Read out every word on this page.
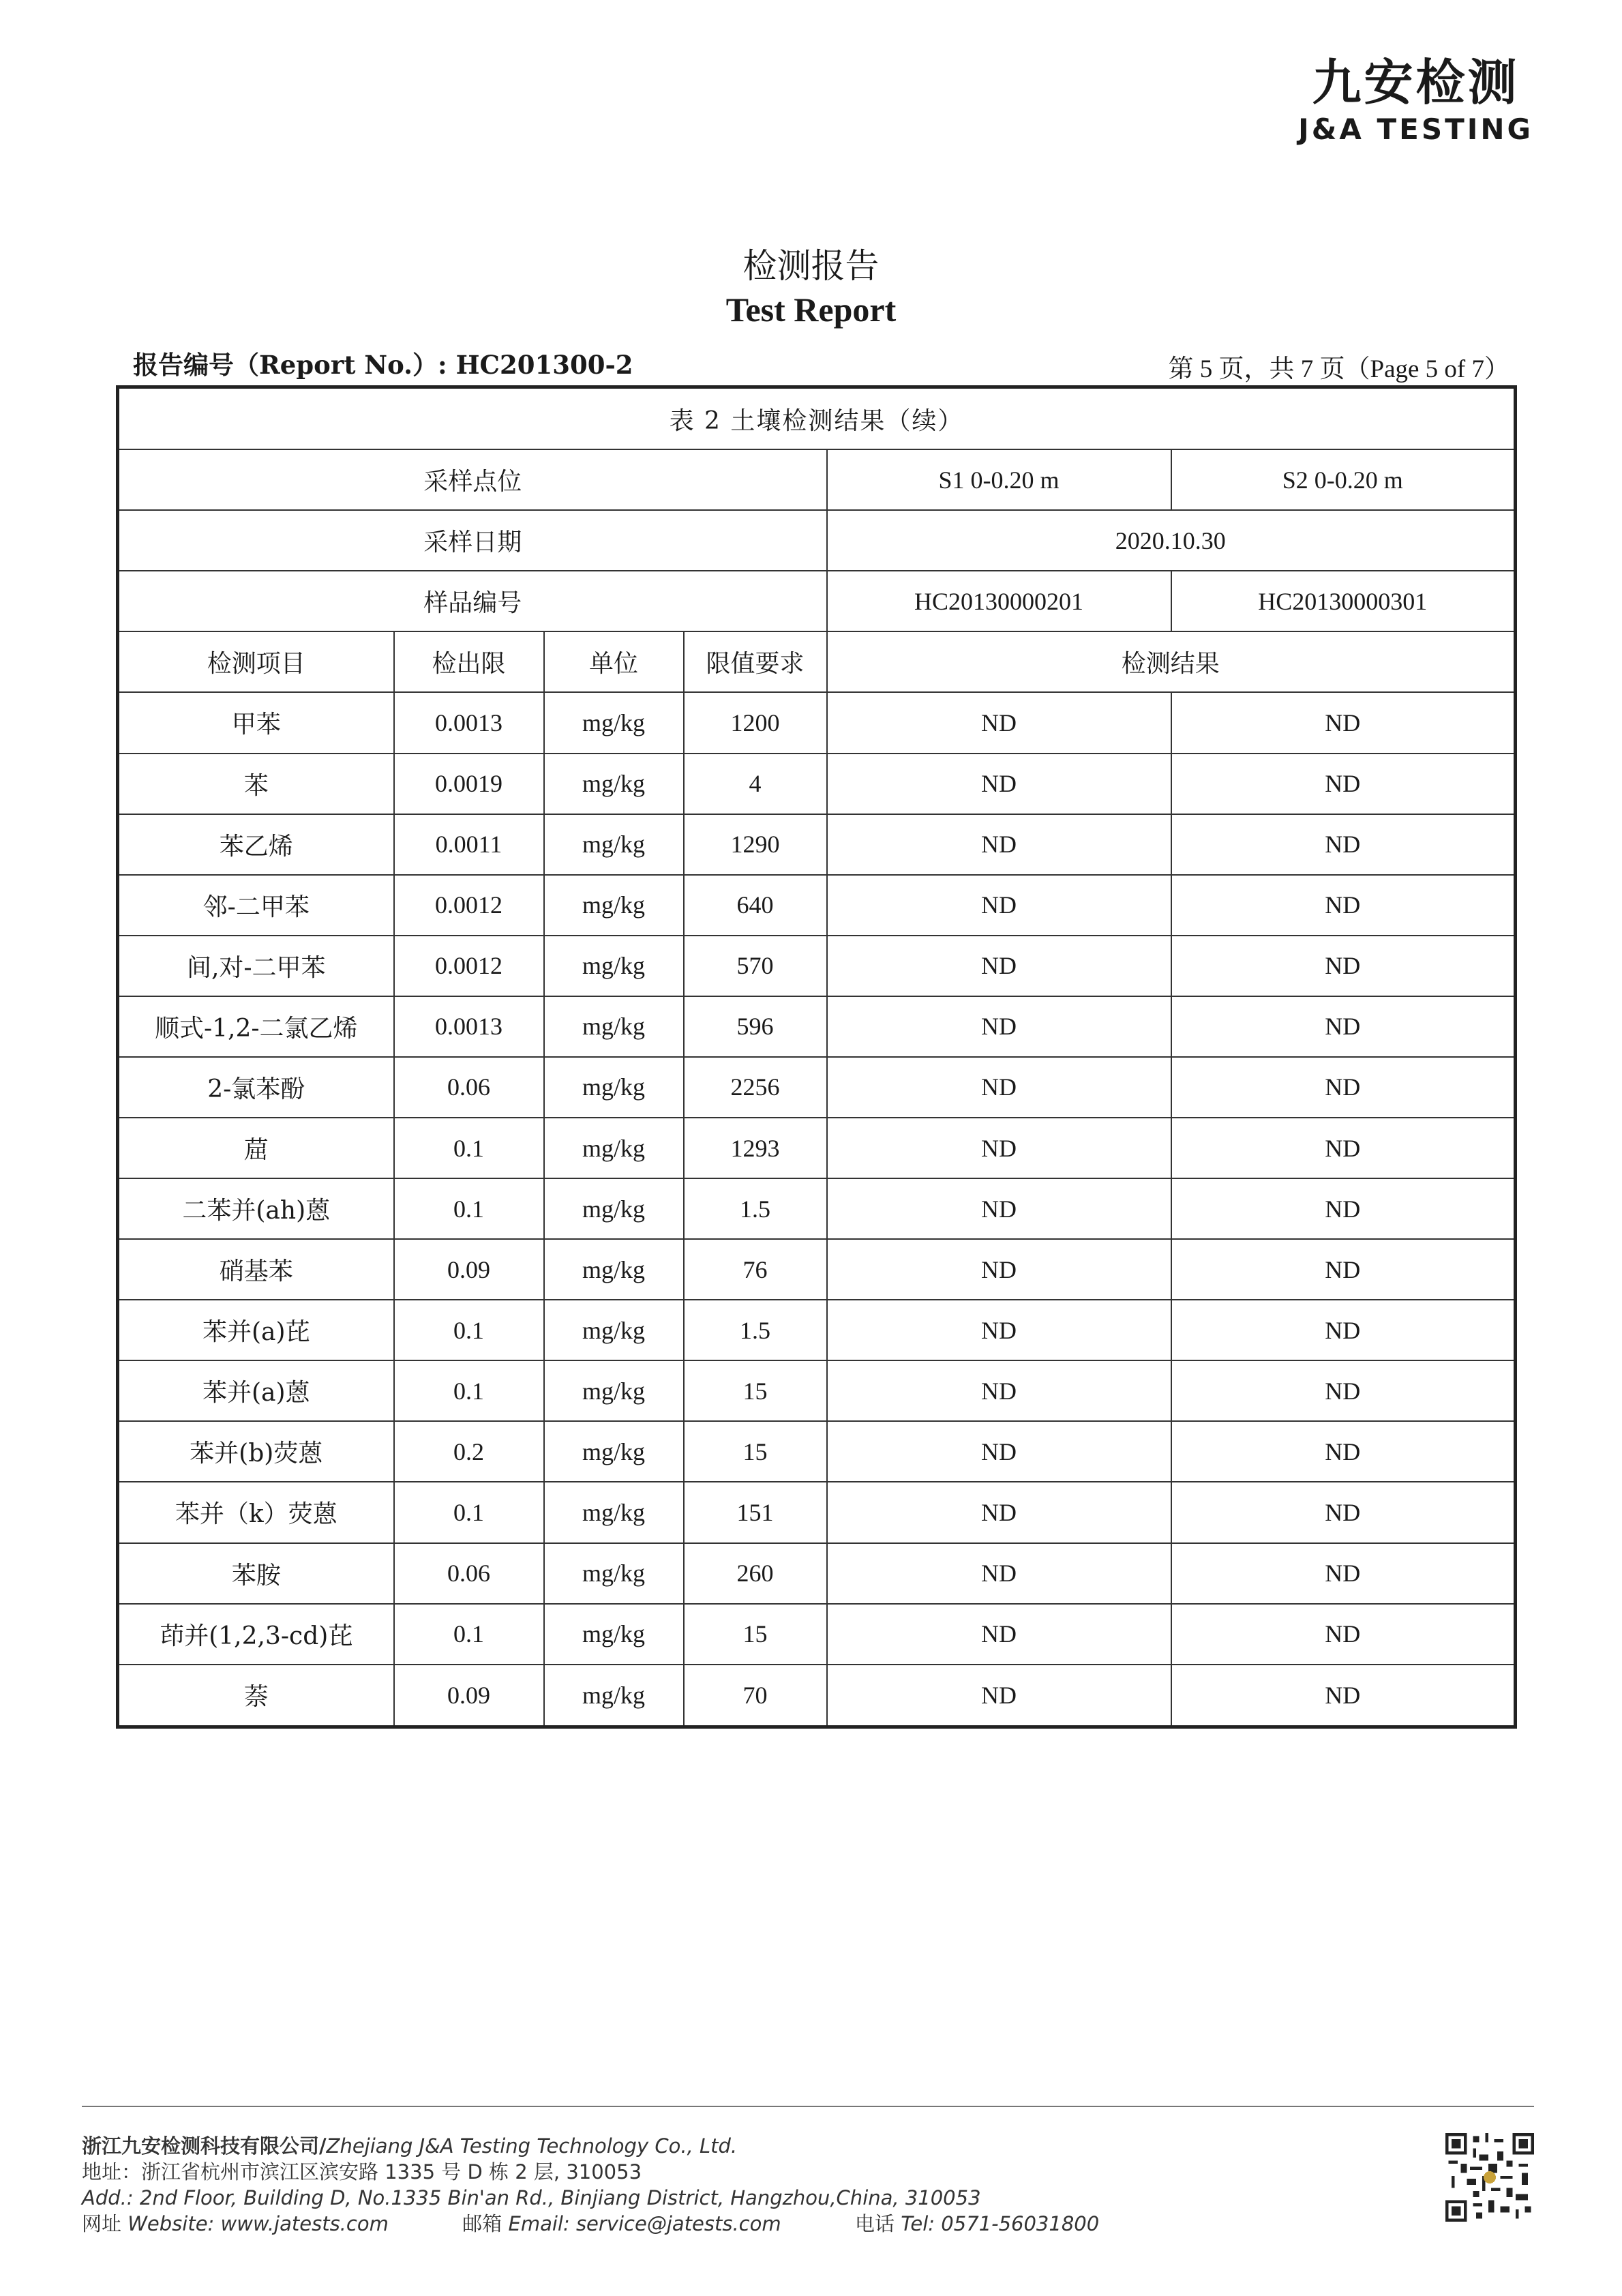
九安检测
J&A TESTING
检测报告
Test Report
报告编号（Report No.）: HC201300-2	第 5 页，共 7 页（Page 5 of 7）
表 2 土壤检测结果（续）					
采样点位				S1 0-0.20 m	S2 0-0.20 m
采样日期				2020.10.30	
样品编号				HC20130000201	HC20130000301
检测项目	检出限	单位	限值要求	检测结果	
甲苯	0.0013	mg/kg	1200	ND	ND
苯	0.0019	mg/kg	4	ND	ND
苯乙烯	0.0011	mg/kg	1290	ND	ND
邻-二甲苯	0.0012	mg/kg	640	ND	ND
间,对-二甲苯	0.0012	mg/kg	570	ND	ND
顺式-1,2-二氯乙烯	0.0013	mg/kg	596	ND	ND
2-氯苯酚	0.06	mg/kg	2256	ND	ND
䓛	0.1	mg/kg	1293	ND	ND
二苯并(ah)蒽	0.1	mg/kg	1.5	ND	ND
硝基苯	0.09	mg/kg	76	ND	ND
苯并(a)芘	0.1	mg/kg	1.5	ND	ND
苯并(a)蒽	0.1	mg/kg	15	ND	ND
苯并(b)荧蒽	0.2	mg/kg	15	ND	ND
苯并（k）荧蒽	0.1	mg/kg	151	ND	ND
苯胺	0.06	mg/kg	260	ND	ND
茚并(1,2,3-cd)芘	0.1	mg/kg	15	ND	ND
萘	0.09	mg/kg	70	ND	ND
浙江九安检测科技有限公司/Zhejiang J&A Testing Technology Co., Ltd.
地址：浙江省杭州市滨江区滨安路 1335 号 D 栋 2 层, 310053
Add.: 2nd Floor, Building D, No.1335 Bin'an Rd., Binjiang District, Hangzhou,China, 310053
网址 Website: www.jatests.com	邮箱 Email: service@jatests.com	电话 Tel: 0571-56031800
